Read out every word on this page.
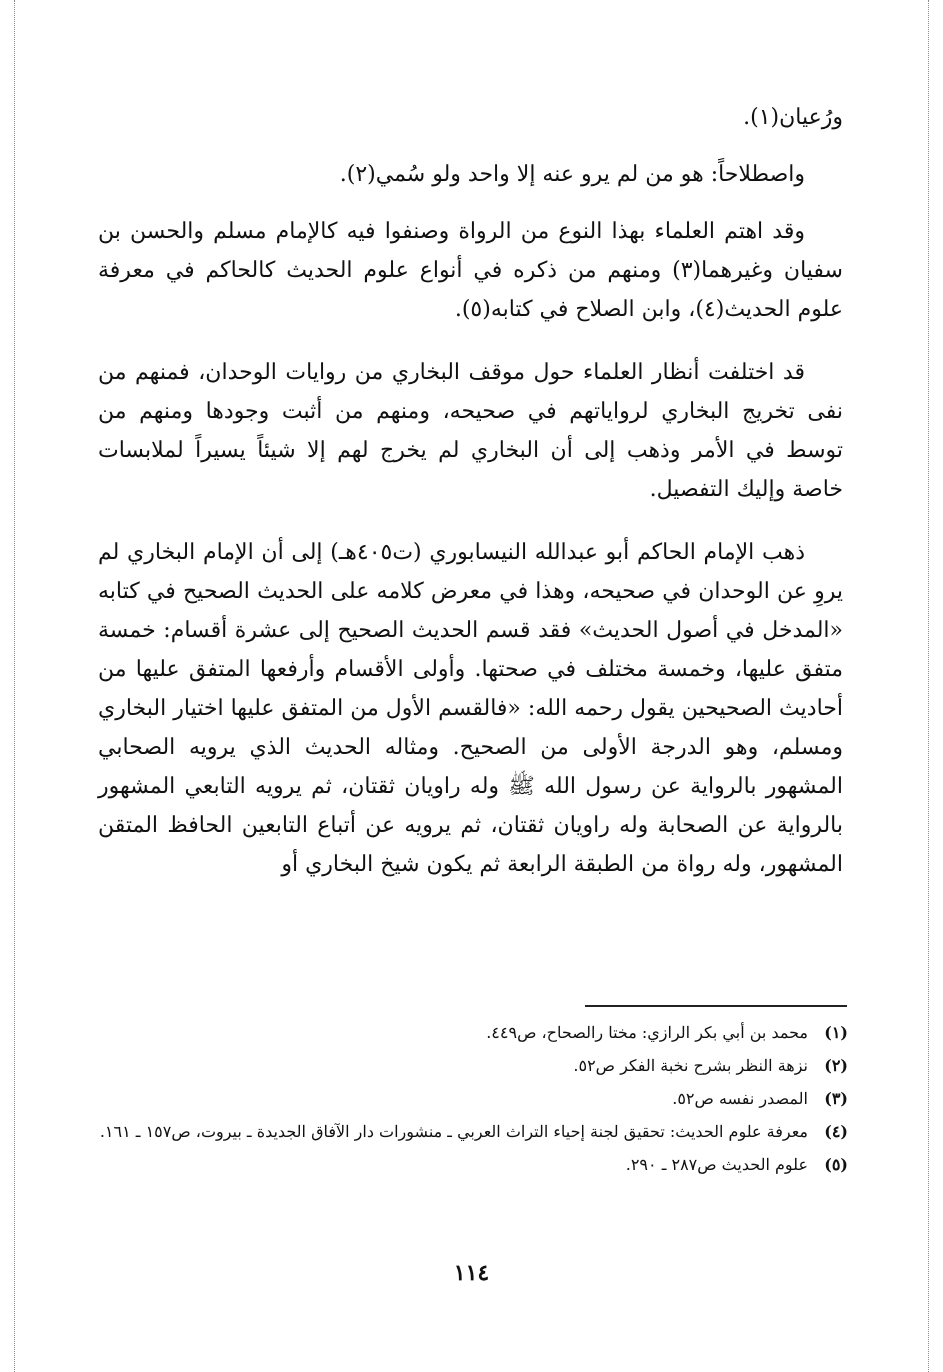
ورُعيان(١).

واصطلاحاً: هو من لم يرو عنه إلا واحد ولو سُمي(٢).

وقد اهتم العلماء بهذا النوع من الرواة وصنفوا فيه كالإمام مسلم والحسن بن سفيان وغيرهما(٣) ومنهم من ذكره في أنواع علوم الحديث كالحاكم في معرفة علوم الحديث(٤)، وابن الصلاح في كتابه(٥).

قد اختلفت أنظار العلماء حول موقف البخاري من روايات الوحدان، فمنهم من نفى تخريج البخاري لرواياتهم في صحيحه، ومنهم من أثبت وجودها ومنهم من توسط في الأمر وذهب إلى أن البخاري لم يخرج لهم إلا شيئاً يسيراً لملابسات خاصة وإليك التفصيل.

ذهب الإمام الحاكم أبو عبدالله النيسابوري (ت٤٠٥هـ) إلى أن الإمام البخاري لم يروِ عن الوحدان في صحيحه، وهذا في معرض كلامه على الحديث الصحيح في كتابه «المدخل في أصول الحديث» فقد قسم الحديث الصحيح إلى عشرة أقسام: خمسة متفق عليها، وخمسة مختلف في صحتها. وأولى الأقسام وأرفعها المتفق عليها من أحاديث الصحيحين يقول رحمه الله: «فالقسم الأول من المتفق عليها اختيار البخاري ومسلم، وهو الدرجة الأولى من الصحيح. ومثاله الحديث الذي يرويه الصحابي المشهور بالرواية عن رسول الله ﷺ وله راويان ثقتان، ثم يرويه التابعي المشهور بالرواية عن الصحابة وله راويان ثقتان، ثم يرويه عن أتباع التابعين الحافظ المتقن المشهور، وله رواة من الطبقة الرابعة ثم يكون شيخ البخاري أو

(١)
محمد بن أبي بكر الرازي: مختا رالصحاح، ص٤٤٩.
(٢)
نزهة النظر بشرح نخبة الفكر ص٥٢.
(٣)
المصدر نفسه ص٥٢.
(٤)
معرفة علوم الحديث: تحقيق لجنة إحياء التراث العربي ـ منشورات دار الآفاق الجديدة ـ بيروت، ص١٥٧ ـ ١٦١.
(٥)
علوم الحديث ص٢٨٧ ـ ٢٩٠.
١١٤
